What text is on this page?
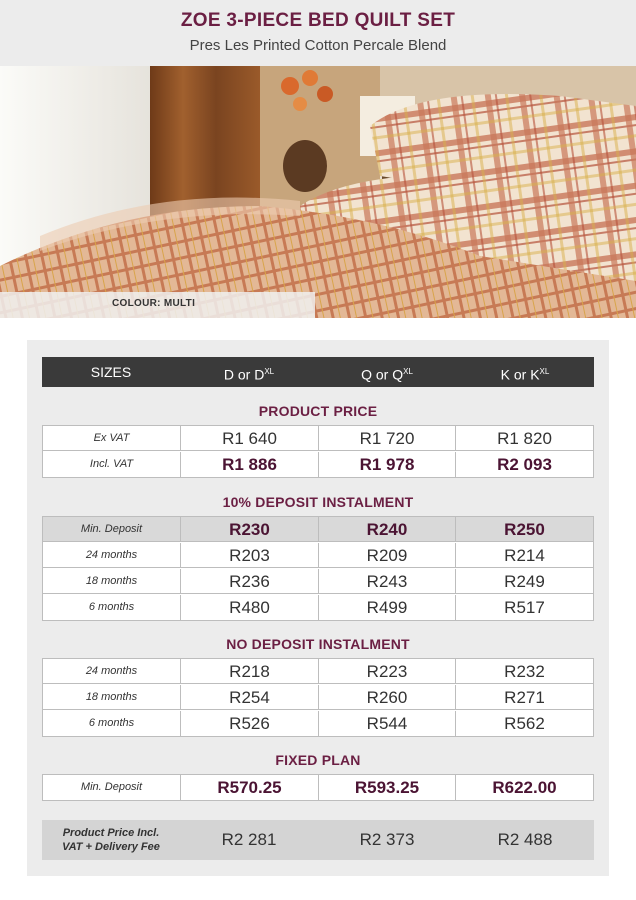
ZOE 3-PIECE BED QUILT SET
Pres Les Printed Cotton Percale Blend
COLOUR: MULTI
SIZES	D or $D^{XL}$	Q or $Q^{XL}$	K or $K^{XL}$
PRODUCT PRICE
Ex VAT	R1 640	R1 720	R1 820
Incl. VAT	R1 886	R1 978	R2 093
10% DEPOSIT INSTALMENT
Min. Deposit	R230	R240	R250
24 months	R203	R209	R214
18 months	R236	R243	R249
6 months	R480	R499	R517
NO DEPOSIT INSTALMENT
24 months	R218	R223	R232
18 months	R254	R260	R271
6 months	R526	R544	R562
FIXED PLAN
Min. Deposit	R570.25	R593.25	R622.00
Product Price Incl.
VAT + Delivery Fee	R2 281	R2 373	R2 488
